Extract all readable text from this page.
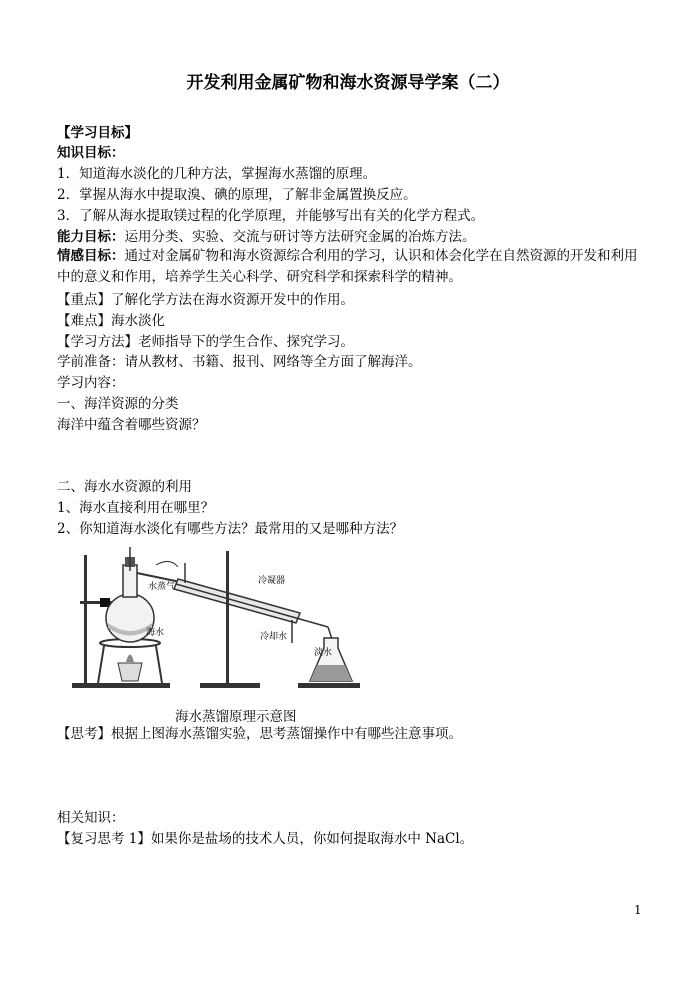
开发利用金属矿物和海水资源导学案（二）
【学习目标】
知识目标：
1．知道海水淡化的几种方法，掌握海水蒸馏的原理。
2．掌握从海水中提取溴、碘的原理，了解非金属置换反应。
3．了解从海水提取镁过程的化学原理，并能够写出有关的化学方程式。
能力目标：运用分类、实验、交流与研讨等方法研究金属的冶炼方法。
情感目标：通过对金属矿物和海水资源综合利用的学习，认识和体会化学在自然资源的开发和利用中的意义和作用，培养学生关心科学、研究科学和探索科学的精神。
【重点】了解化学方法在海水资源开发中的作用。
【难点】海水淡化
【学习方法】老师指导下的学生合作、探究学习。
学前准备：请从教材、书籍、报刊、网络等全方面了解海洋。
学习内容：
一、海洋资源的分类
海洋中蕴含着哪些资源？
二、海水水资源的利用
1、海水直接利用在哪里？
2、你知道海水淡化有哪些方法？最常用的又是哪种方法？
水蒸气
海水
冷凝器
冷却水
淡水
海水蒸馏原理示意图
【思考】根据上图海水蒸馏实验，思考蒸馏操作中有哪些注意事项。
相关知识：
【复习思考 1】如果你是盐场的技术人员，你如何提取海水中 NaCl。
1
